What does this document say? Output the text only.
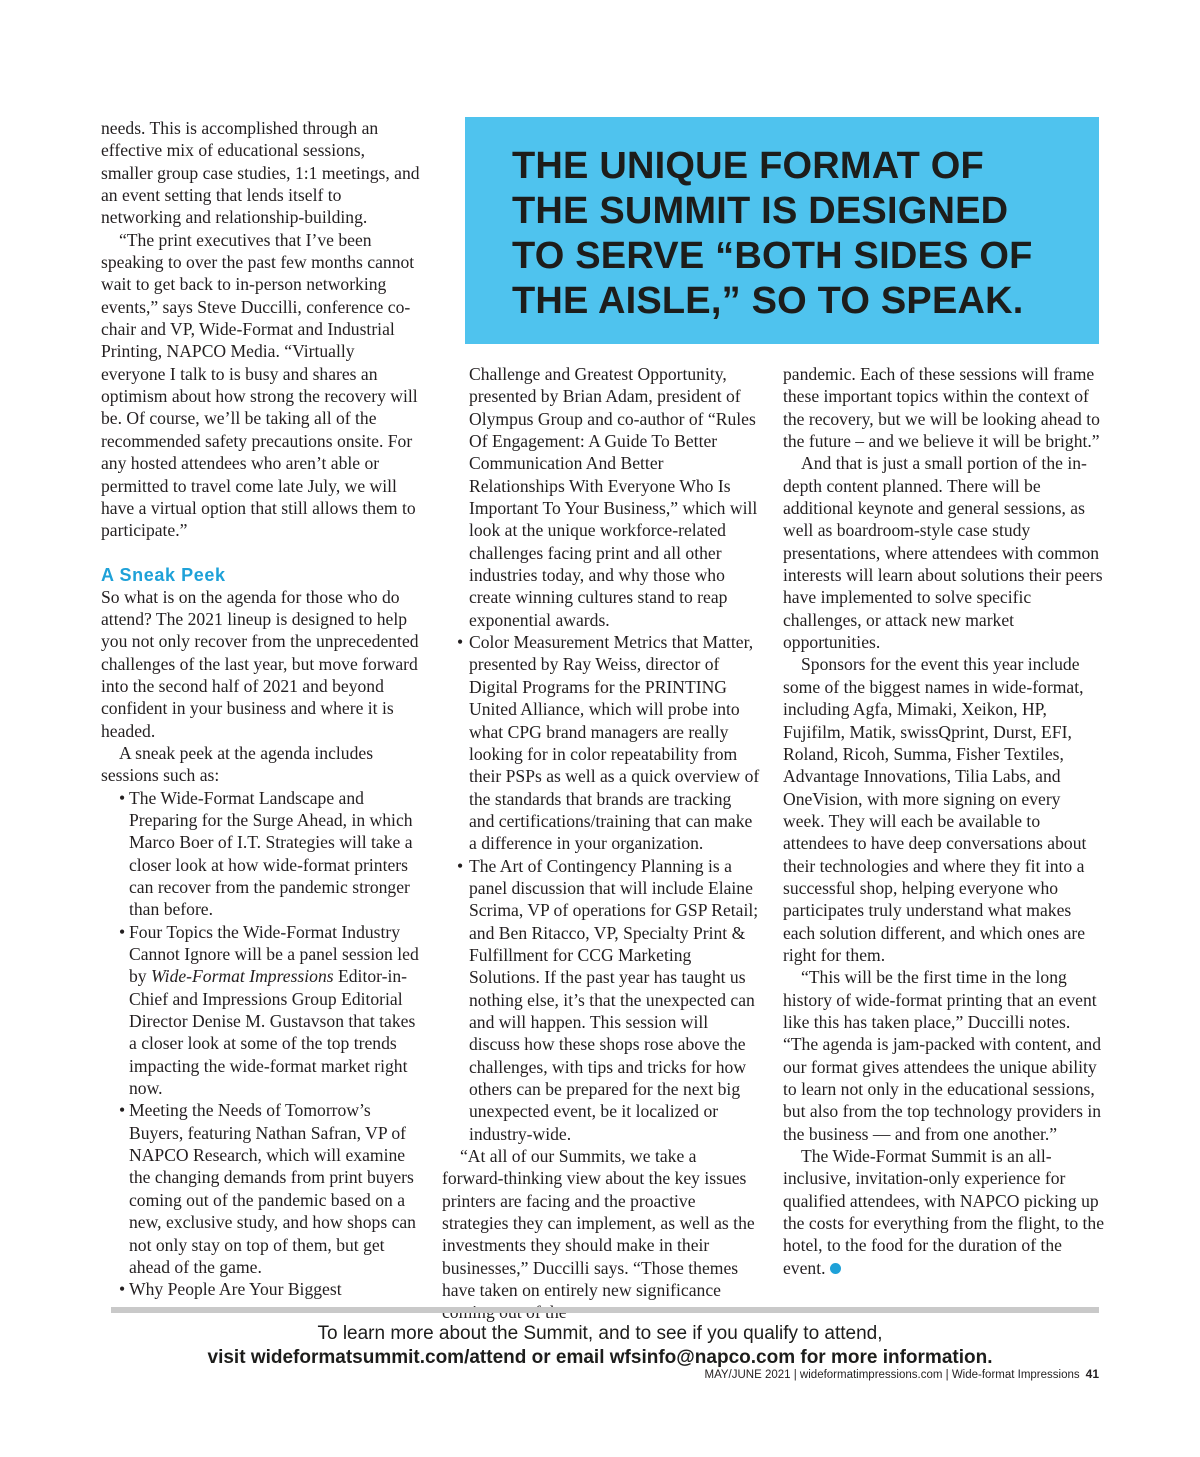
THE UNIQUE FORMAT OF
THE SUMMIT IS DESIGNED
TO SERVE “BOTH SIDES OF
THE AISLE,” SO TO SPEAK.

needs. This is accomplished through an effective mix of educational sessions, smaller group case studies, 1:1 meetings, and an event setting that lends itself to networking and relationship-building.

“The print executives that I’ve been speaking to over the past few months cannot wait to get back to in-person networking events,” says Steve Duccilli, conference co-chair and VP, Wide-Format and Industrial Printing, NAPCO Media. “Virtually everyone I talk to is busy and shares an optimism about how strong the recovery will be. Of course, we’ll be taking all of the recommended safety precautions onsite. For any hosted attendees who aren’t able or permitted to travel come late July, we will have a virtual option that still allows them to participate.”

A Sneak Peek

So what is on the agenda for those who do attend? The 2021 lineup is designed to help you not only recover from the unprecedented challenges of the last year, but move forward into the second half of 2021 and beyond confident in your business and where it is headed.

A sneak peek at the agenda includes sessions such as:

• The Wide-Format Landscape and Preparing for the Surge Ahead, in which Marco Boer of I.T. Strategies will take a closer look at how wide-format printers can recover from the pandemic stronger than before.
• Four Topics the Wide-Format Industry Cannot Ignore will be a panel session led by Wide-Format Impressions Editor-in-Chief and Impressions Group Editorial Director Denise M. Gustavson that takes a closer look at some of the top trends impacting the wide-format market right now.
• Meeting the Needs of Tomorrow’s Buyers, featuring Nathan Safran, VP of NAPCO Research, which will examine the changing demands from print buyers coming out of the pandemic based on a new, exclusive study, and how shops can not only stay on top of them, but get ahead of the game.
• Why People Are Your Biggest

Challenge and Greatest Opportunity, presented by Brian Adam, president of Olympus Group and co-author of “Rules Of Engagement: A Guide To Better Communication And Better Relationships With Everyone Who Is Important To Your Business,” which will look at the unique workforce-related challenges facing print and all other industries today, and why those who create winning cultures stand to reap exponential awards.

• Color Measurement Metrics that Matter, presented by Ray Weiss, director of Digital Programs for the PRINTING United Alliance, which will probe into what CPG brand managers are really looking for in color repeatability from their PSPs as well as a quick overview of the standards that brands are tracking and certifications/training that can make a difference in your organization.
• The Art of Contingency Planning is a panel discussion that will include Elaine Scrima, VP of operations for GSP Retail; and Ben Ritacco, VP, Specialty Print & Fulfillment for CCG Marketing Solutions. If the past year has taught us nothing else, it’s that the unexpected can and will happen. This session will discuss how these shops rose above the challenges, with tips and tricks for how others can be prepared for the next big unexpected event, be it localized or industry-wide.

“At all of our Summits, we take a forward-thinking view about the key issues printers are facing and the proactive strategies they can implement, as well as the investments they should make in their businesses,” Duccilli says. “Those themes have taken on entirely new significance

pandemic. Each of these sessions will frame these important topics within the context of the recovery, but we will be looking ahead to the future – and we believe it will be bright.”

And that is just a small portion of the in-depth content planned. There will be additional keynote and general sessions, as well as boardroom-style case study presentations, where attendees with common interests will learn about solutions their peers have implemented to solve specific challenges, or attack new market opportunities.

Sponsors for the event this year include some of the biggest names in wide-format, including Agfa, Mimaki, Xeikon, HP, Fujifilm, Matik, swissQprint, Durst, EFI, Roland, Ricoh, Summa, Fisher Textiles, Advantage Innovations, Tilia Labs, and OneVision, with more signing on every week. They will each be available to attendees to have deep conversations about their technologies and where they fit into a successful shop, helping everyone who participates truly understand what makes each solution different, and which ones are right for them.

“This will be the first time in the long history of wide-format printing that an event like this has taken place,” Duccilli notes. “The agenda is jam-packed with content, and our format gives attendees the unique ability to learn not only in the educational sessions, but also from the top technology providers in the business — and from one another.”

The Wide-Format Summit is an all-inclusive, invitation-only experience for qualified attendees, with NAPCO picking up the costs for everything from the flight, to the hotel, to the food for the duration of the event.

To learn more about the Summit, and to see if you qualify to attend,
visit wideformatsummit.com/attend or email wfsinfo@napco.com for more information.
MAY/JUNE 2021 | wideformatimpressions.com | Wide-format Impressions 41
